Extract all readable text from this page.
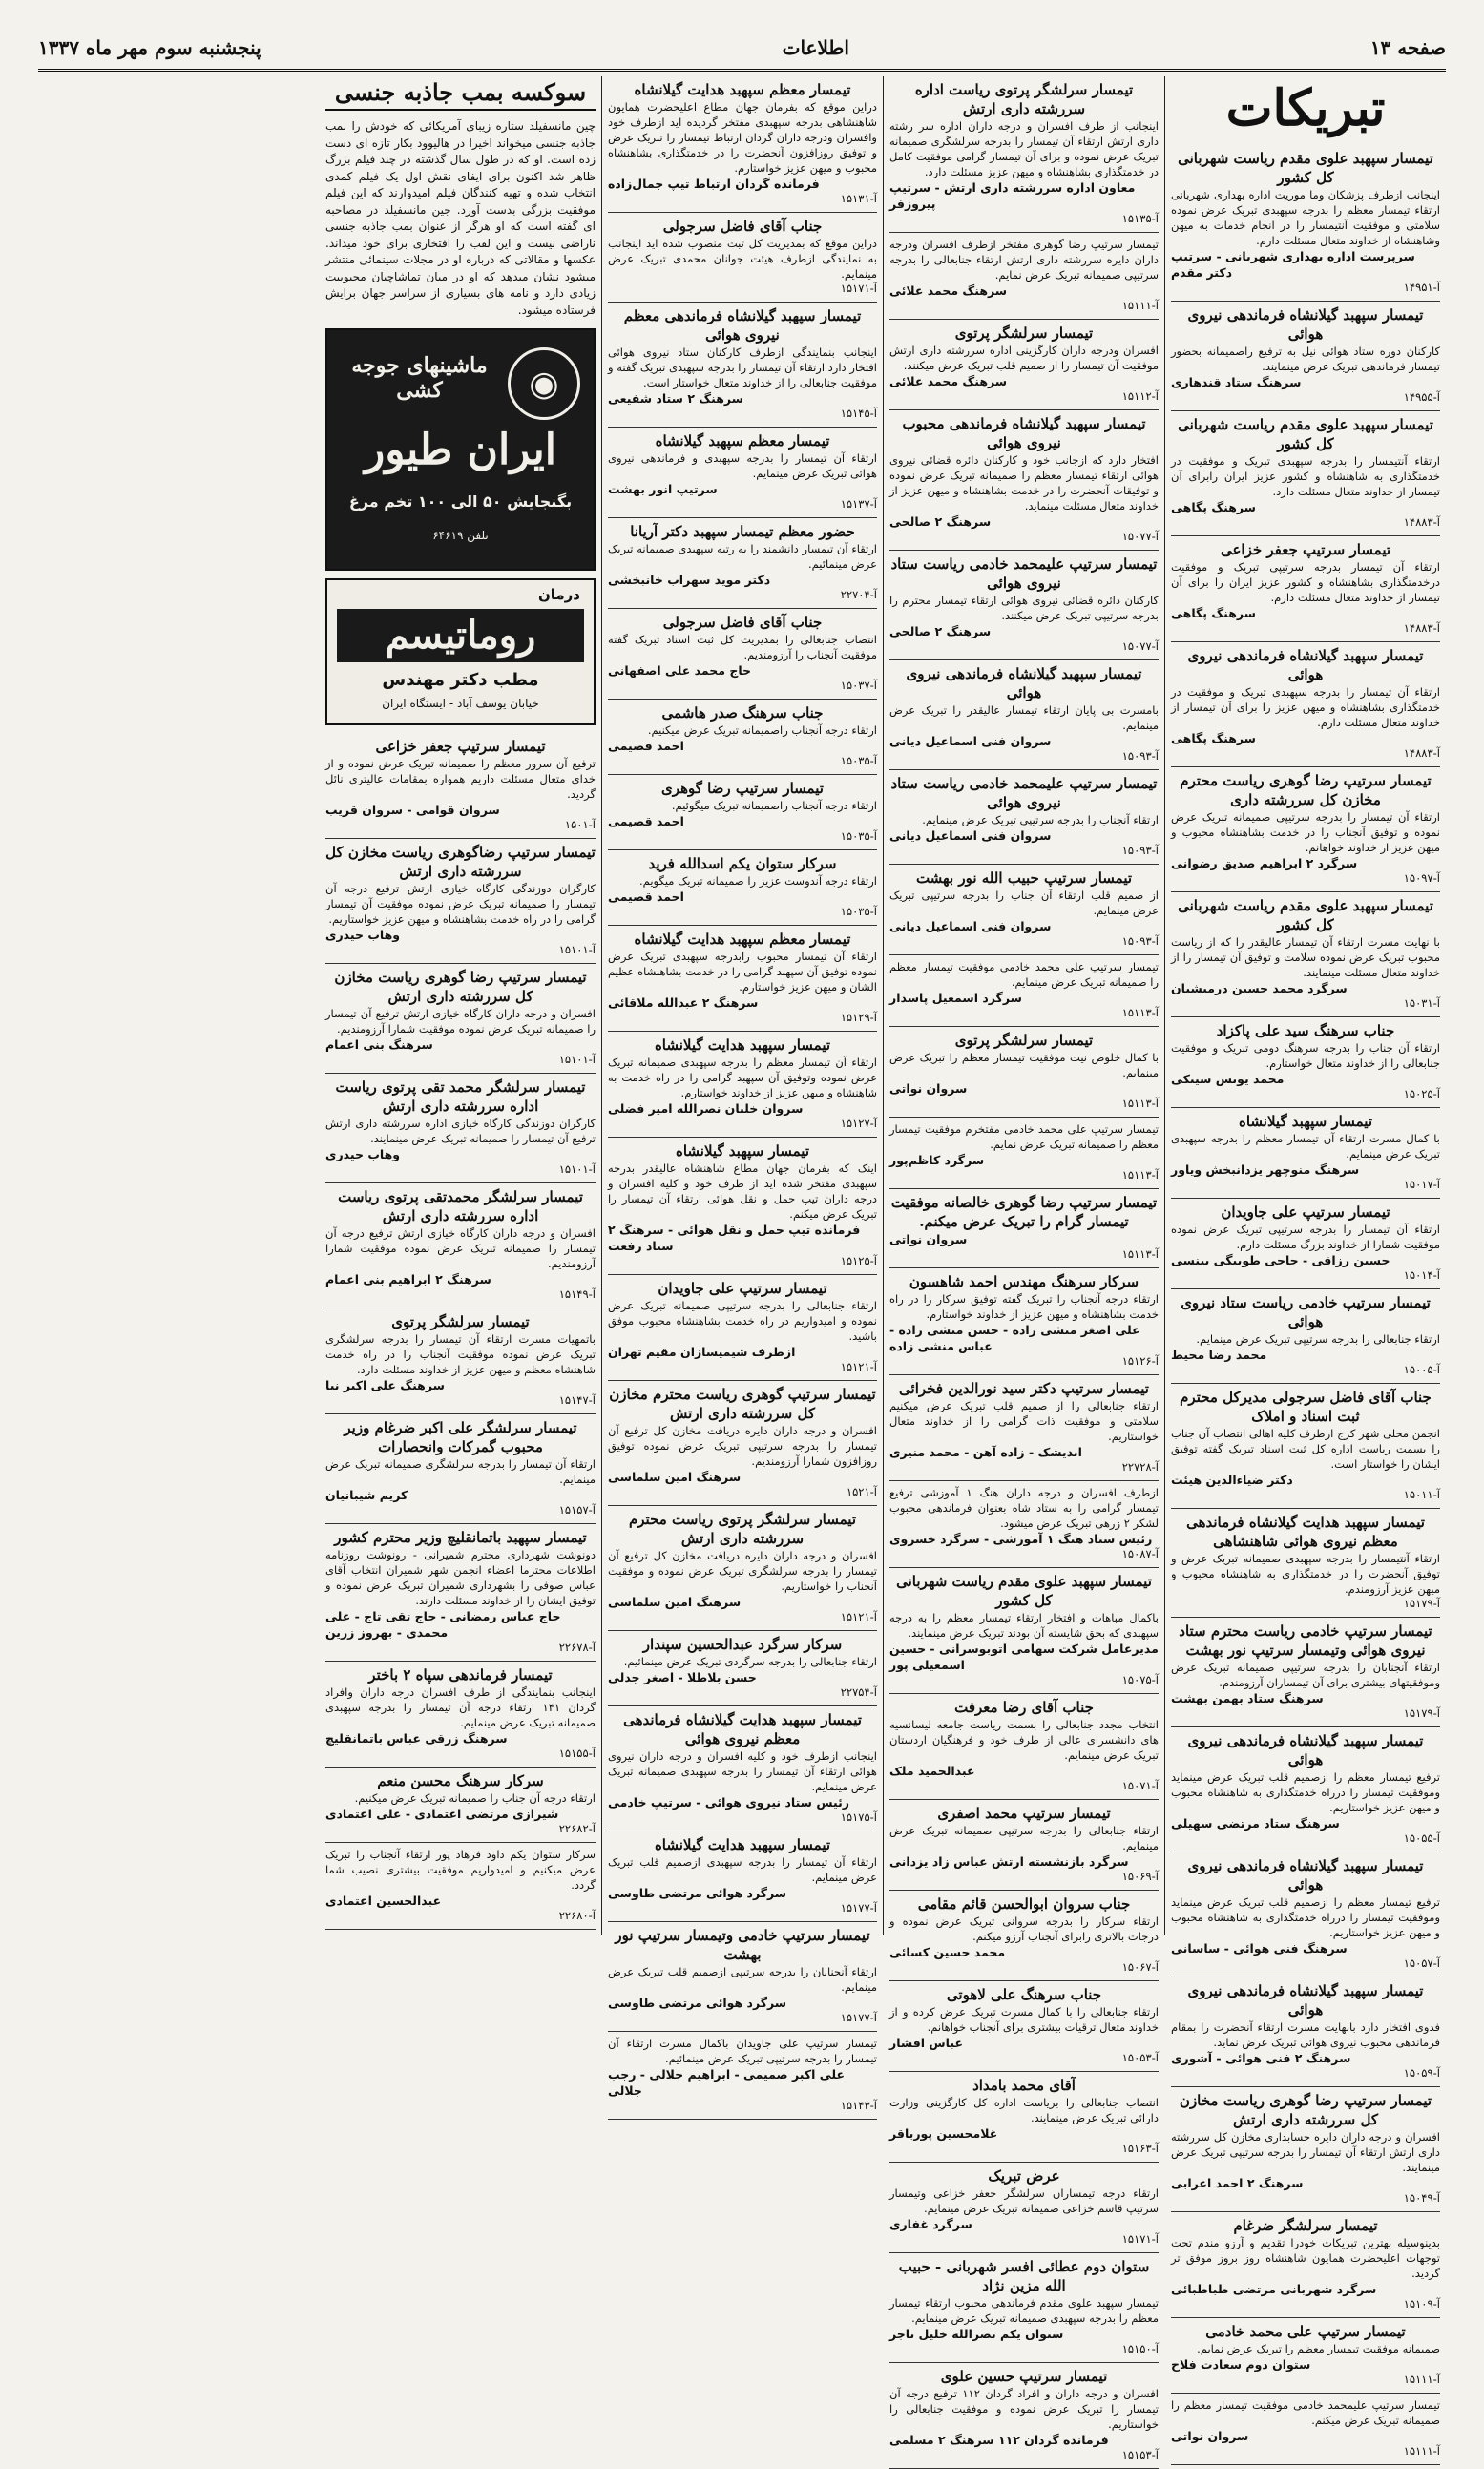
صفحه ۱۳
اطلاعات
پنجشنبه سوم مهر ماه ۱۳۳۷
تبریکات
تیمسار سپهبد علوی مقدم ریاست شهربانی کل کشور
اینجانب ازطرف پزشکان وما موریت اداره بهداری شهربانی ارتقاء تیمسار معظم را بدرجه سپهبدی تبریک عرض نموده سلامتی و موفقیت آنتیمسار را در انجام خدمات به میهن وشاهنشاه از خداوند متعال مسئلت دارم.
سرپرست اداره بهداری شهربانی - سرتیپ دکتر مقدم
آ-۱۴۹۵۱
تیمسار سپهبد گیلانشاه فرماندهی نیروی هوائی
کارکنان دوره ستاد هوائی نیل به ترفیع راصمیمانه بحضور تیمسار فرماندهی تبریک عرض مینمایند.
سرهنگ ستاد قندهاری
آ-۱۴۹۵۵
تیمسار سپهبد علوی مقدم ریاست شهربانی کل کشور
ارتقاء آنتیمسار را بدرجه سپهبدی تبریک و موفقیت در خدمتگذاری به شاهنشاه و کشور عزیز ایران رابرای آن تیمسار از خداوند متعال مسئلت دارد.
سرهنگ پگاهی
آ-۱۴۸۸۳
تیمسار سرتیپ جعفر خزاعی
ارتقاء آن تیمسار بدرجه سرتیپی تبریک و موفقیت درخدمتگذاری بشاهنشاه و کشور عزیز ایران را برای آن تیمسار از خداوند متعال مسئلت دارم.
سرهنگ پگاهی
آ-۱۴۸۸۳
تیمسار سپهبد گیلانشاه فرماندهی نیروی هوائی
ارتقاء آن تیمسار را بدرجه سپهبدی تبریک و موفقیت در خدمتگذاری بشاهنشاه و میهن عزیز را برای آن تیمسار از خداوند متعال مسئلت دارم.
سرهنگ پگاهی
آ-۱۴۸۸۳
تیمسار سرتیپ رضا گوهری ریاست محترم مخازن کل سررشته داری
ارتقاء آن تیمسار را بدرجه سرتیپی صمیمانه تبریک عرض نموده و توفیق آنجناب را در خدمت بشاهنشاه محبوب و میهن عزیز از خداوند خواهانم.
سرگرد ۲ ابراهیم صدیق رضوانی
آ-۱۵۰۹۷
تیمسار سپهبد علوی مقدم ریاست شهربانی کل کشور
با نهایت مسرت ارتقاء آن تیمسار عالیقدر را که از ریاست محبوب تبریک عرض نموده سلامت و توفیق آن تیمسار را از خداوند متعال مسئلت مینمایند.
سرگرد محمد حسین درمیشیان
آ-۱۵۰۳۱
جناب سرهنگ سید علی پاکزاد
ارتقاء آن جناب را بدرجه سرهنگ دومی تبریک و موفقیت جنابعالی را از خداوند متعال خواستارم.
محمد یونس سینکی
آ-۱۵۰۲۵
تیمسار سپهبد گیلانشاه
با کمال مسرت ارتقاء آن تیمسار معظم را بدرجه سپهبدی تبریک عرض مینمایم.
سرهنگ منوچهر یزدانبخش ویاور
آ-۱۵۰۱۷
تیمسار سرتیپ علی جاویدان
ارتقاء آن تیمسار را بدرجه سرتیپی تبریک عرض نموده موفقیت شمارا از خداوند بزرگ مسئلت دارم.
حسین رزاقی - حاجی طوبیگی بینسی
آ-۱۵۰۱۴
تیمسار سرتیپ خادمی ریاست ستاد نیروی هوائی
ارتقاء جنابعالی را بدرجه سرتیپی تبریک عرض مینمایم.
محمد رضا محیط
آ-۱۵۰۰۵
جناب آقای فاضل سرجولی مدیرکل محترم ثبت اسناد و املاک
انجمن محلی شهر کرج ازطرف کلیه اهالی انتصاب آن جناب را بسمت ریاست اداره کل ثبت اسناد تبریک گفته توفیق ایشان را خواستار است.
دکتر ضیاءالدین هیئت
آ-۱۵۰۱۱
تیمسار سپهبد هدایت گیلانشاه فرماندهی معظم نیروی هوائی شاهنشاهی
ارتقاء آنتیمسار را بدرجه سپهبدی صمیمانه تبریک عرض و توفیق آنحضرت را در خدمتگذاری به شاهنشاه محبوب و میهن عزیز آرزومندم.
آ-۱۵۱۷۹
تیمسار سرتیپ خادمی ریاست محترم ستاد نیروی هوائی وتیمسار سرتیپ نور بهشت
ارتقاء آنجنابان را بدرجه سرتیپی صمیمانه تبریک عرض وموفقیتهای بیشتری برای آن تیمساران آرزومندم.
سرهنگ ستاد بهمن بهشت
آ-۱۵۱۷۹
تیمسار سپهبد گیلانشاه فرماندهی نیروی هوائی
ترفیع تیمسار معظم را ازصمیم قلب تبریک عرض مینماید وموفقیت تیمسار را درراه خدمتگذاری به شاهنشاه محبوب و میهن عزیز خواستاریم.
سرهنگ ستاد مرتضی سهیلی
آ-۱۵۰۵۵
تیمسار سپهبد گیلانشاه فرماندهی نیروی هوائی
ترفیع تیمسار معظم را ازصمیم قلب تبریک عرض مینماید وموفقیت تیمسار را درراه خدمتگذاری به شاهنشاه محبوب و میهن عزیز خواستاریم.
سرهنگ فنی هوائی - ساسانی
آ-۱۵۰۵۷
تیمسار سپهبد گیلانشاه فرماندهی نیروی هوائی
فدوی افتخار دارد بانهایت مسرت ارتقاء آنحضرت را بمقام فرماندهی محبوب نیروی هوائی تبریک عرض نماید.
سرهنگ ۲ فنی هوائی - آشوری
آ-۱۵۰۵۹
تیمسار سرتیپ رضا گوهری ریاست مخازن کل سررشته داری ارتش
افسران و درجه داران دایره حسابداری مخازن کل سررشته داری ارتش ارتقاء آن تیمسار را بدرجه سرتیپی تبریک عرض مینمایند.
سرهنگ ۲ احمد اعرابی
آ-۱۵۰۴۹
تیمسار سرلشگر ضرغام
بدینوسیله بهترین تبریکات خودرا تقدیم و آرزو مندم تحت توجهات اعلیحضرت همایون شاهنشاه روز بروز موفق تر گردید.
سرگرد شهربانی مرتضی طباطبائی
آ-۱۵۱۰۹
تیمسار سرتیپ علی محمد خادمی
صمیمانه موفقیت تیمسار معظم را تبریک عرض نمایم.
ستوان دوم سعادت فلاح
آ-۱۵۱۱۱
تیمسار سرتیپ علیمحمد خادمی موفقیت تیمسار معظم را صمیمانه تبریک عرض میکنم.
سروان نواتی
آ-۱۵۱۱۱
تیمسار سرلشگر پرتوی ریاست اداره سررشته داری ارتش
اینجانب از طرف افسران و درجه داران اداره سر رشته داری ارتش ارتقاء آن تیمسار را بدرجه سرلشگری صمیمانه تبریک عرض نموده و برای آن تیمسار گرامی موفقیت کامل در خدمتگذاری بشاهنشاه و میهن عزیز مسئلت دارد.
معاون اداره سررشته داری ارتش - سرتیپ پیروزفر
آ-۱۵۱۳۵
تیمسار سرتیپ رضا گوهری مفتخر ازطرف افسران ودرجه داران دایره سررشته داری ارتش ارتقاء جنابعالی را بدرجه سرتیپی صمیمانه تبریک عرض نمایم.
سرهنگ محمد علائی
آ-۱۵۱۱۱
تیمسار سرلشگر پرتوی
افسران ودرجه داران کارگزینی اداره سررشته داری ارتش موفقیت آن تیمسار را از صمیم قلب تبریک عرض میکنند.
سرهنگ محمد علائی
آ-۱۵۱۱۲
تیمسار سپهبد گیلانشاه فرماندهی محبوب نیروی هوائی
افتخار دارد که ازجانب خود و کارکنان دائره قضائی نیروی هوائی ارتقاء تیمسار معظم را صمیمانه تبریک عرض نموده و توفیقات آنحضرت را در خدمت بشاهنشاه و میهن عزیز از خداوند متعال مسئلت مینماید.
سرهنگ ۲ صالحی
آ-۱۵۰۷۷
تیمسار سرتیپ علیمحمد خادمی ریاست ستاد نیروی هوائی
کارکنان دائره قضائی نیروی هوائی ارتقاء تیمسار محترم را بدرجه سرتیپی تبریک عرض میکنند.
سرهنگ ۲ صالحی
آ-۱۵۰۷۷
تیمسار سپهبد گیلانشاه فرماندهی نیروی هوائی
بامسرت بی پایان ارتقاء تیمسار عالیقدر را تبریک عرض مینمایم.
سروان فنی اسماعیل دیانی
آ-۱۵۰۹۳
تیمسار سرتیپ علیمحمد خادمی ریاست ستاد نیروی هوائی
ارتقاء آنجناب را بدرجه سرتیپی تبریک عرض مینمایم.
سروان فنی اسماعیل دیانی
آ-۱۵۰۹۳
تیمسار سرتیپ حبیب الله نور بهشت
از صمیم قلب ارتقاء آن جناب را بدرجه سرتیپی تبریک عرض مینمایم.
سروان فنی اسماعیل دیانی
آ-۱۵۰۹۳
تیمسار سرتیپ علی محمد خادمی موفقیت تیمسار معظم را صمیمانه تبریک عرض مینمایم.
سرگرد اسمعیل پاسدار
آ-۱۵۱۱۳
تیمسار سرلشگر پرتوی
با کمال خلوص نیت موفقیت تیمسار معظم را تبریک عرض مینمایم.
سروان نواتی
آ-۱۵۱۱۳
تیمسار سرتیپ علی محمد خادمی مفتخرم موفقیت تیمسار معظم را صمیمانه تبریک عرض نمایم.
سرگرد کاظم‌پور
آ-۱۵۱۱۳
تیمسار سرتیپ رضا گوهری خالصانه موفقیت تیمسار گرام را تبریک عرض میکنم.
سروان نواتی
آ-۱۵۱۱۳
سرکار سرهنگ مهندس احمد شاهسون
ارتقاء درجه آنجناب را تبریک گفته توفیق سرکار را در راه خدمت بشاهنشاه و میهن عزیز از خداوند خواستارم.
علی اصغر منشی زاده - حسن منشی زاده - عباس منشی زاده
آ-۱۵۱۲۶
تیمسار سرتیپ دکتر سید نورالدین فخرائی
ارتقاء جنابعالی را از صمیم قلب تبریک عرض میکنیم سلامتی و موفقیت ذات گرامی را از خداوند متعال خواستاریم.
اندیشک - زاده آهن - محمد منیری
آ-۲۲۷۲۸
ازطرف افسران و درجه داران هنگ ۱ آموزشی ترفیع تیمسار گرامی را به ستاد شاه بعنوان فرماندهی محبوب لشکر ۲ زرهی تبریک عرض میشود.
رئیس ستاد هنگ ۱ آموزشی - سرگرد خسروی
آ-۱۵۰۸۷
تیمسار سپهبد علوی مقدم ریاست شهربانی کل کشور
باکمال مباهات و افتخار ارتقاء تیمسار معظم را به درجه سپهبدی که بحق شایسته آن بودند تبریک عرض مینمایند.
مدیرعامل شرکت سهامی اتوبوسرانی - حسین اسمعیلی پور
آ-۱۵۰۷۵
جناب آقای رضا معرفت
انتخاب مجدد جنابعالی را بسمت ریاست جامعه لیسانسیه های دانشسرای عالی از طرف خود و فرهنگیان اردستان تبریک عرض مینمایم.
عبدالحمید ملک
آ-۱۵۰۷۱
تیمسار سرتیپ محمد اصفری
ارتقاء جنابعالی را بدرجه سرتیپی صمیمانه تبریک عرض مینمایم.
سرگرد بازنشسته ارتش عباس زاد یزدانی
آ-۱۵۰۶۹
جناب سروان ابوالحسن قائم مقامی
ارتقاء سرکار را بدرجه سروانی تبریک عرض نموده و درجات بالاتری رابرای آنجناب آرزو میکنم.
محمد حسین کسائی
آ-۱۵۰۶۷
جناب سرهنگ علی لاهوتی
ارتقاء جنابعالی را با کمال مسرت تبریک عرض کرده و از خداوند متعال ترقیات بیشتری برای آنجناب خواهانم.
عباس افشار
آ-۱۵۰۵۳
آقای محمد بامداد
انتصاب جنابعالی را بریاست اداره کل کارگزینی وزارت دارائی تبریک عرض مینمایند.
غلامحسین پورباقر
آ-۱۵۱۶۳
عرض تبریک
ارتقاء درجه تیمساران سرلشگر جعفر خزاعی وتیمسار سرتیپ قاسم خزاعی صمیمانه تبریک عرض مینمایم.
سرگرد غفاری
آ-۱۵۱۷۱
ستوان دوم عطائی افسر شهربانی - حبیب الله مزین نژاد
تیمسار سپهبد علوی مقدم فرماندهی محبوب ارتقاء تیمسار معظم را بدرجه سپهبدی صمیمانه تبریک عرض مینمایم.
ستوان یکم نصرالله خلیل تاجر
آ-۱۵۱۵۰
تیمسار سرتیپ حسین علوی
افسران و درجه داران و افراد گردان ۱۱۲ ترفیع درجه آن تیمسار را تبریک عرض نموده و موفقیت جنابعالی را خواستاریم.
فرمانده گردان ۱۱۲ سرهنگ ۲ مسلمی
آ-۱۵۱۵۳
تیمسار معظم سپهبد هدایت گیلانشاه
دراین موقع که بفرمان جهان مطاع اعلیحضرت همایون شاهنشاهی بدرجه سپهبدی مفتخر گردیده اید ازطرف خود وافسران ودرجه داران گردان ارتباط تیمسار را تبریک عرض و توفیق روزافزون آنحضرت را در خدمتگذاری بشاهنشاه محبوب و میهن عزیز خواستارم.
فرمانده گردان ارتباط تیپ جمال‌زاده
آ-۱۵۱۳۱
جناب آقای فاضل سرجولی
دراین موقع که بمدیریت کل ثبت منصوب شده اید اینجانب به نمایندگی ازطرف هیئت جوانان محمدی تبریک عرض مینمایم.
آ-۱۵۱۷۱
تیمسار سپهبد گیلانشاه فرماندهی معظم نیروی هوائی
اینجانب بنمایندگی ازطرف کارکنان ستاد نیروی هوائی افتخار دارد ارتقاء آن تیمسار را بدرجه سپهبدی تبریک گفته و موفقیت جنابعالی را از خداوند متعال خواستار است.
سرهنگ ۲ ستاد شفیعی
آ-۱۵۱۴۵
تیمسار معظم سپهبد گیلانشاه
ارتقاء آن تیمسار را بدرجه سپهبدی و فرماندهی نیروی هوائی تبریک عرض مینمایم.
سرتیپ انور بهشت
آ-۱۵۱۳۷
حضور معظم تیمسار سپهبد دکتر آریانا
ارتقاء آن تیمسار دانشمند را به رتبه سپهبدی صمیمانه تبریک عرض مینمائیم.
دکتر موید سهراب خانبخشی
آ-۲۲۷۰۴
جناب آقای فاضل سرجولی
انتصاب جنابعالی را بمدیریت کل ثبت اسناد تبریک گفته موفقیت آنجناب را آرزومندیم.
حاج محمد علی اصفهانی
آ-۱۵۰۳۷
جناب سرهنگ صدر هاشمی
ارتقاء درجه آنجناب راصمیمانه تبریک عرض میکنیم.
احمد قصیمی
آ-۱۵۰۳۵
تیمسار سرتیپ رضا گوهری
ارتقاء درجه آنجناب راصمیمانه تبریک میگوئیم.
احمد قصیمی
آ-۱۵۰۳۵
سرکار ستوان یکم اسدالله فرید
ارتقاء درجه آندوست عزیز را صمیمانه تبریک میگویم.
احمد قصیمی
آ-۱۵۰۳۵
تیمسار معظم سپهبد هدایت گیلانشاه
ارتقاء آن تیمسار محبوب رابدرجه سپهبدی تبریک عرض نموده توفیق آن سپهبد گرامی را در خدمت بشاهنشاه عظیم الشان و میهن عزیز خواستارم.
سرهنگ ۲ عبدالله ملاقائی
آ-۱۵۱۲۹
تیمسار سپهبد هدایت گیلانشاه
ارتقاء آن تیمسار معظم را بدرجه سپهبدی صمیمانه تبریک عرض نموده وتوفیق آن سپهبد گرامی را در راه خدمت به شاهنشاه و میهن عزیز از خداوند خواستارم.
سروان خلبان نصرالله امیر فضلی
آ-۱۵۱۲۷
تیمسار سپهبد گیلانشاه
اینک که بفرمان جهان مطاع شاهنشاه عالیقدر بدرجه سپهبدی مفتخر شده اید از طرف خود و کلیه افسران و درجه داران تیپ حمل و نقل هوائی ارتقاء آن تیمسار را تبریک عرض میکنم.
فرمانده تیپ حمل و نقل هوائی - سرهنگ ۲ ستاد رفعت
آ-۱۵۱۲۵
تیمسار سرتیپ علی جاویدان
ارتقاء جنابعالی را بدرجه سرتیپی صمیمانه تبریک عرض نموده و امیدواریم در راه خدمت بشاهنشاه محبوب موفق باشید.
ازطرف شیمیسازان مقیم تهران
آ-۱۵۱۲۱
تیمسار سرتیپ گوهری ریاست محترم مخازن کل سررشته داری ارتش
افسران و درجه داران دایره دریافت مخازن کل ترفیع آن تیمسار را بدرجه سرتیپی تبریک عرض نموده توفیق روزافزون شمارا آرزومندیم.
سرهنگ امین سلماسی
آ-۱۵۲۱
تیمسار سرلشگر پرتوی ریاست محترم سررشته داری ارتش
افسران و درجه داران دایره دریافت مخازن کل ترفیع آن تیمسار را بدرجه سرلشگری تبریک عرض نموده و موفقیت آنجناب را خواستاریم.
سرهنگ امین سلماسی
آ-۱۵۱۲۱
سرکار سرگرد عبدالحسین سپندار
ارتقاء جنابعالی را بدرجه سرگردی تبریک عرض مینمائیم.
حسن بلاطلا - اصغر جدلی
آ-۲۲۷۵۴
تیمسار سپهبد هدایت گیلانشاه فرماندهی معظم نیروی هوائی
اینجانب ازطرف خود و کلیه افسران و درجه داران نیروی هوائی ارتقاء آن تیمسار را بدرجه سپهبدی صمیمانه تبریک عرض مینمایم.
رئیس ستاد نیروی هوائی - سرتیپ خادمی
آ-۱۵۱۷۵
تیمسار سپهبد هدایت گیلانشاه
ارتقاء آن تیمسار را بدرجه سپهبدی ازصمیم قلب تبریک عرض مینمایم.
سرگرد هوائی مرتضی طاوسی
آ-۱۵۱۷۷
تیمسار سرتیپ خادمی وتیمسار سرتیپ نور بهشت
ارتقاء آنجنابان را بدرجه سرتیپی ازصمیم قلب تبریک عرض مینمایم.
سرگرد هوائی مرتضی طاوسی
آ-۱۵۱۷۷
تیمسار سرتیپ علی جاویدان باکمال مسرت ارتقاء آن تیمسار را بدرجه سرتیپی تبریک عرض مینمائیم.
علی اکبر صمیمی - ابراهیم جلالی - رجب جلالی
آ-۱۵۱۴۳
سوکسه بمب جاذبه جنسی
چین مانسفیلد ستاره زیبای آمریکائی که خودش را بمب جاذبه جنسی میخواند اخیرا در هالیوود بکار تازه ای دست زده است. او که در طول سال گذشته در چند فیلم بزرگ ظاهر شد اکنون برای ایفای نقش اول یک فیلم کمدی انتخاب شده و تهیه کنندگان فیلم امیدوارند که این فیلم موفقیت بزرگی بدست آورد. جین مانسفیلد در مصاحبه ای گفته است که او هرگز از عنوان بمب جاذبه جنسی ناراضی نیست و این لقب را افتخاری برای خود میداند. عکسها و مقالاتی که درباره او در مجلات سینمائی منتشر میشود نشان میدهد که او در میان تماشاچیان محبوبیت زیادی دارد و نامه های بسیاری از سراسر جهان برایش فرستاده میشود.
◉
ماشینهای جوجه کشی
ایران طیور
بگنجایش ۵۰ الی ۱۰۰ تخم مرغ
تلفن ۶۴۶۱۹
درمان
روماتیسم
مطب دکتر مهندس
خیابان یوسف آباد - ایستگاه ایران
تیمسار سرتیپ جعفر خزاعی
ترفیع آن سرور معظم را صمیمانه تبریک عرض نموده و از خدای متعال مسئلت داریم همواره بمقامات عالیتری نائل گردید.
سروان قوامی - سروان قریب
آ-۱۵۰۱
تیمسار سرتیپ رضاگوهری ریاست مخازن کل سررشته داری ارتش
کارگران دوزندگی کارگاه خیازی ارتش ترفیع درجه آن تیمسار را صمیمانه تبریک عرض نموده موفقیت آن تیمسار گرامی را در راه خدمت بشاهنشاه و میهن عزیز خواستاریم.
وهاب حیدری
آ-۱۵۱۰۱
تیمسار سرتیپ رضا گوهری ریاست مخازن کل سررشته داری ارتش
افسران و درجه داران کارگاه خیازی ارتش ترفیع آن تیمسار را صمیمانه تبریک عرض نموده موفقیت شمارا آرزومندیم.
سرهنگ بنی اعمام
آ-۱۵۱۰۱
تیمسار سرلشگر محمد تقی پرتوی ریاست اداره سررشته داری ارتش
کارگران دوزندگی کارگاه خیازی اداره سررشته داری ارتش ترفیع آن تیمسار را صمیمانه تبریک عرض مینمایند.
وهاب حیدری
آ-۱۵۱۰۱
تیمسار سرلشگر محمدتقی پرتوی ریاست اداره سررشته داری ارتش
افسران و درجه داران کارگاه خیازی ارتش ترفیع درجه آن تیمسار را صمیمانه تبریک عرض نموده موفقیت شمارا آرزومندیم.
سرهنگ ۲ ابراهیم بنی اعمام
آ-۱۵۱۴۹
تیمسار سرلشگر پرتوی
باتمهیات مسرت ارتقاء آن تیمسار را بدرجه سرلشگری تبریک عرض نموده موفقیت آنجناب را در راه خدمت شاهنشاه معظم و میهن عزیز از خداوند مسئلت دارد.
سرهنگ علی اکبر نیا
آ-۱۵۱۴۷
تیمسار سرلشگر علی اکبر ضرغام وزیر محبوب گمرکات وانحصارات
ارتقاء آن تیمسار را بدرجه سرلشگری صمیمانه تبریک عرض مینمایم.
کریم شیبانیان
آ-۱۵۱۵۷
تیمسار سپهبد باتمانقلیچ وزیر محترم کشور
دونوشت شهرداری محترم شمیرانی - رونوشت روزنامه اطلاعات محترما اعضاء انجمن شهر شمیران انتخاب آقای عباس صوفی را بشهرداری شمیران تبریک عرض نموده و توفیق ایشان را از خداوند مسئلت دارند.
حاج عباس رمضانی - حاج تقی تاج - علی محمدی - بهروز زرین
آ-۲۲۶۷۸
تیمسار فرماندهی سپاه ۲ باختر
اینجانب بنمایندگی از طرف افسران درجه داران وافراد گردان ۱۴۱ ارتقاء درجه آن تیمسار را بدرجه سپهبدی صمیمانه تبریک عرض مینمایم.
سرهنگ زرقی عباس باتمانقلیچ
آ-۱۵۱۵۵
سرکار سرهنگ محسن منعم
ارتقاء درجه آن جناب را صمیمانه تبریک عرض میکنیم.
شیرازی مرتضی اعتمادی - علی اعتمادی
آ-۲۲۶۸۲
سرکار ستوان یکم داود فرهاد پور ارتقاء آنجناب را تبریک عرض میکنیم و امیدواریم موفقیت بیشتری نصیب شما گردد.
عبدالحسین اعتمادی
آ-۲۲۶۸۰
